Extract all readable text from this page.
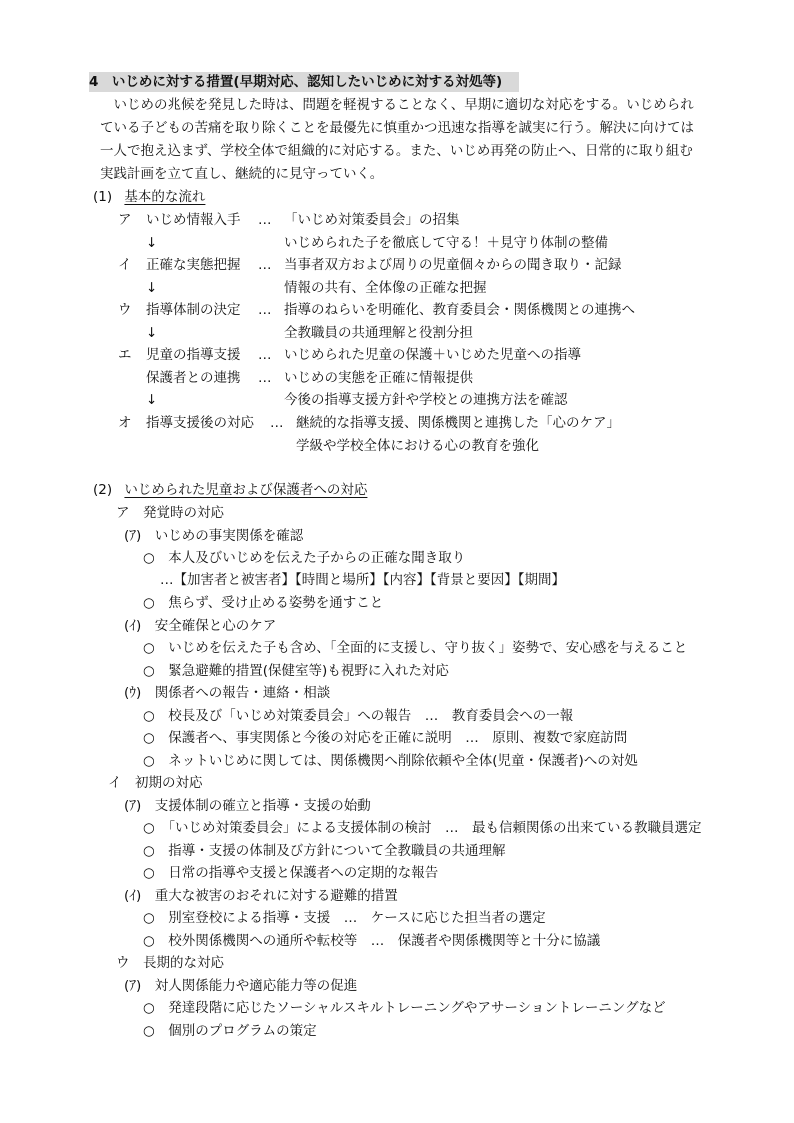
4　いじめに対する措置(早期対応、認知したいじめに対する対処等)
　いじめの兆候を発見した時は、問題を軽視することなく、早期に適切な対応をする。いじめられ
ている子どもの苦痛を取り除くことを最優先に慎重かつ迅速な指導を誠実に行う。解決に向けては
一人で抱え込まず、学校全体で組織的に対応する。また、いじめ再発の防止へ、日常的に取り組む
実践計画を立て直し、継続的に見守っていく。
(1) 基本的な流れ
ア いじめ情報入手 … 「いじめ対策委員会」の招集
↓	いじめられた子を徹底して守る！＋見守り体制の整備
イ 正確な実態把握 … 当事者双方および周りの児童個々からの聞き取り・記録
↓	情報の共有、全体像の正確な把握
ウ 指導体制の決定 … 指導のねらいを明確化、教育委員会・関係機関との連携へ
↓	全教職員の共通理解と役割分担
エ 児童の指導支援 … いじめられた児童の保護＋いじめた児童への指導
保護者との連携 … いじめの実態を正確に情報提供
↓	今後の指導支援方針や学校との連携方法を確認
オ 指導支援後の対応 … 継続的な指導支援、関係機関と連携した「心のケア」
学級や学校全体における心の教育を強化
(2) いじめられた児童および保護者への対応
ア　発覚時の対応
(ｱ)　いじめの事実関係を確認
○　本人及びいじめを伝えた子からの正確な聞き取り
…【加害者と被害者】【時間と場所】【内容】【背景と要因】【期間】
○　焦らず、受け止める姿勢を通すこと
(ｲ)　安全確保と心のケア
○　いじめを伝えた子も含め、「全面的に支援し、守り抜く」姿勢で、安心感を与えること
○　緊急避難的措置(保健室等)も視野に入れた対応
(ｳ)　関係者への報告・連絡・相談
○　校長及び「いじめ対策委員会」への報告　…　教育委員会への一報
○　保護者へ、事実関係と今後の対応を正確に説明　…　原則、複数で家庭訪問
○　ネットいじめに関しては、関係機関へ削除依頼や全体(児童・保護者)への対処
イ　初期の対応
(ｱ)　支援体制の確立と指導・支援の始動
○　「いじめ対策委員会」による支援体制の検討　…　最も信頼関係の出来ている教職員選定
○　指導・支援の体制及び方針について全教職員の共通理解
○　日常の指導や支援と保護者への定期的な報告
(ｲ)　重大な被害のおそれに対する避難的措置
○　別室登校による指導・支援　…　ケースに応じた担当者の選定
○　校外関係機関への通所や転校等　…　保護者や関係機関等と十分に協議
ウ　長期的な対応
(ｱ)　対人関係能力や適応能力等の促進
○　発達段階に応じたソーシャルスキルトレーニングやアサーショントレーニングなど
○　個別のプログラムの策定
